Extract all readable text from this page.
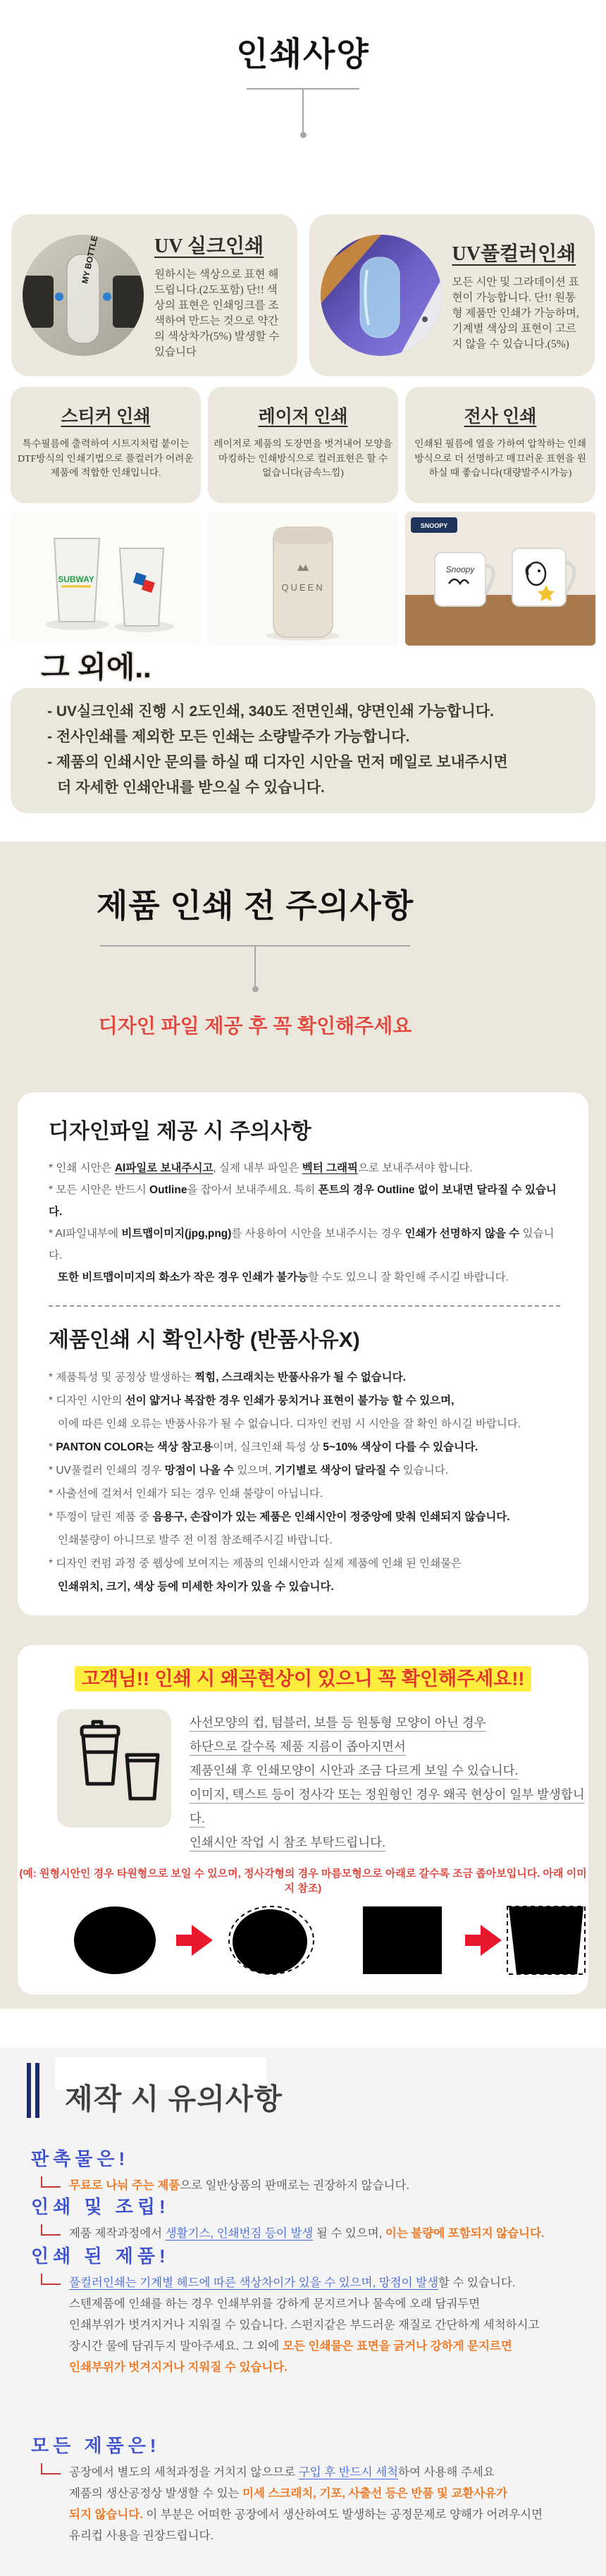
인쇄사양
MY BOTTLE	UV 실크인쇄

원하시는 색상으로 표현 해드립니다.(2도포함) 단!! 색상의 표현은 인쇄잉크를 조색하여 만드는 것으로 약간의 색상차가(5%) 발생할 수 있습니다

UV풀컬러인쇄

모든 시안 및 그라데이션 표현이 가능합니다. 단!! 원통형 제품만 인쇄가 가능하며, 기계별 색상의 표현이 고르지 않을 수 있습니다.(5%)

스티커 인쇄

특수필름에 출력하여 시트지처럼 붙이는 DTF방식의 인쇄기법으로 풀컬러가 어려운 제품에 적합한 인쇄입니다.

레이저 인쇄

레이저로 제품의 도장면을 벗겨내어 모양을 마킹하는 인쇄방식으로 컬러표현은 할 수 없습니다(금속느낌)

전사 인쇄

인쇄된 필름에 열을 가하여 압착하는 인쇄방식으로 더 선명하고 매끄러운 표현을 원하실 때 좋습니다(대량발주시가능)

SUBWAY
QUEEN
SNOOPY
Snoopy
그 외에..
- UV실크인쇄 진행 시 2도인쇄, 340도 전면인쇄, 양면인쇄 가능합니다.
- 전사인쇄를 제외한 모든 인쇄는 소량발주가 가능합니다.
- 제품의 인쇄시안 문의를 하실 때 디자인 시안을 먼저 메일로 보내주시면
더 자세한 인쇄안내를 받으실 수 있습니다.
제품 인쇄 전 주의사항
디자인 파일 제공 후 꼭 확인해주세요
디자인파일 제공 시 주의사항
* 인쇄 시안은 AI파일로 보내주시고, 실제 내부 파일은 벡터 그래픽으로 보내주셔야 합니다.
* 모든 시안은 반드시 Outline을 잡아서 보내주세요. 특히 폰트의 경우 Outline 없이 보내면 달라질 수 있습니다.
* AI파일내부에 비트맵이미지(jpg,png)를 사용하여 시안을 보내주시는 경우 인쇄가 선명하지 않을 수 있습니다.
또한 비트맵이미지의 화소가 작은 경우 인쇄가 불가능할 수도 있으니 잘 확인해 주시길 바랍니다.
제품인쇄 시 확인사항 (반품사유X)
* 제품특성 및 공정상 발생하는 찍힘, 스크래치는 반품사유가 될 수 없습니다.
* 디자인 시안의 선이 얇거나 복잡한 경우 인쇄가 뭉치거나 표현이 불가능 할 수 있으며,
이에 따른 인쇄 오류는 반품사유가 될 수 없습니다. 디자인 컨펌 시 시안을 잘 확인 하시길 바랍니다.
* PANTON COLOR는 색상 참고용이며, 실크인쇄 특성 상 5~10% 색상이 다를 수 있습니다.
* UV풀컬러 인쇄의 경우 망점이 나올 수 있으며, 기기별로 색상이 달라질 수 있습니다.
* 사출선에 걸쳐서 인쇄가 되는 경우 인쇄 불량이 아닙니다.
* 뚜껑이 달린 제품 중 음용구, 손잡이가 있는 제품은 인쇄시안이 정중앙에 맞춰 인쇄되지 않습니다.
인쇄불량이 아니므로 발주 전 이점 참조해주시길 바랍니다.
* 디자인 컨펌 과정 중 웹상에 보여지는 제품의 인쇄시안과 실제 제품에 인쇄 된 인쇄물은
인쇄위치, 크기, 색상 등에 미세한 차이가 있을 수 있습니다.
고객님!! 인쇄 시 왜곡현상이 있으니 꼭 확인해주세요!!
사선모양의 컵, 텀블러, 보틀 등 원통형 모양이 아닌 경우
하단으로 갈수록 제품 지름이 좁아지면서
제품인쇄 후 인쇄모양이 시안과 조금 다르게 보일 수 있습니다.
이미지, 텍스트 등이 정사각 또는 정원형인 경우 왜곡 현상이 일부 발생합니다.
인쇄시안 작업 시 참조 부탁드립니다.
(예: 원형시안인 경우 타원형으로 보일 수 있으며, 정사각형의 경우 마름모형으로 아래로 갈수록 조금 좁아보입니다. 아래 이미지 참조)
제작 시 유의사항
판촉물은!
무료로 나눠 주는 제품으로 일반상품의 판매로는 권장하지 않습니다.
인쇄 및 조립!
제품 제작과정에서 생활기스, 인쇄번짐 등이 발생 될 수 있으며, 이는 불량에 포함되지 않습니다.
인쇄 된 제품!
풀컬러인쇄는 기계별 헤드에 따른 색상차이가 있을 수 있으며, 망점이 발생할 수 있습니다.
스텐제품에 인쇄를 하는 경우 인쇄부위를 강하게 문지르거나 물속에 오래 담궈두면
인쇄부위가 벗겨지거나 지워질 수 있습니다. 스펀지같은 부드러운 재질로 간단하게 세척하시고
장시간 물에 담궈두지 말아주세요. 그 외에 모든 인쇄물은 표면을 긁거나 강하게 문지르면
인쇄부위가 벗겨지거나 지워질 수 있습니다.
모든 제품은!
공장에서 별도의 세척과정을 거치지 않으므로 구입 후 반드시 세척하여 사용해 주세요
제품의 생산공정상 발생할 수 있는 미세 스크래치, 기포, 사출선 등은 반품 및 교환사유가
되지 않습니다. 이 부분은 어떠한 공장에서 생산하여도 발생하는 공정문제로 양해가 어려우시면
유리컵 사용을 권장드립니다.
